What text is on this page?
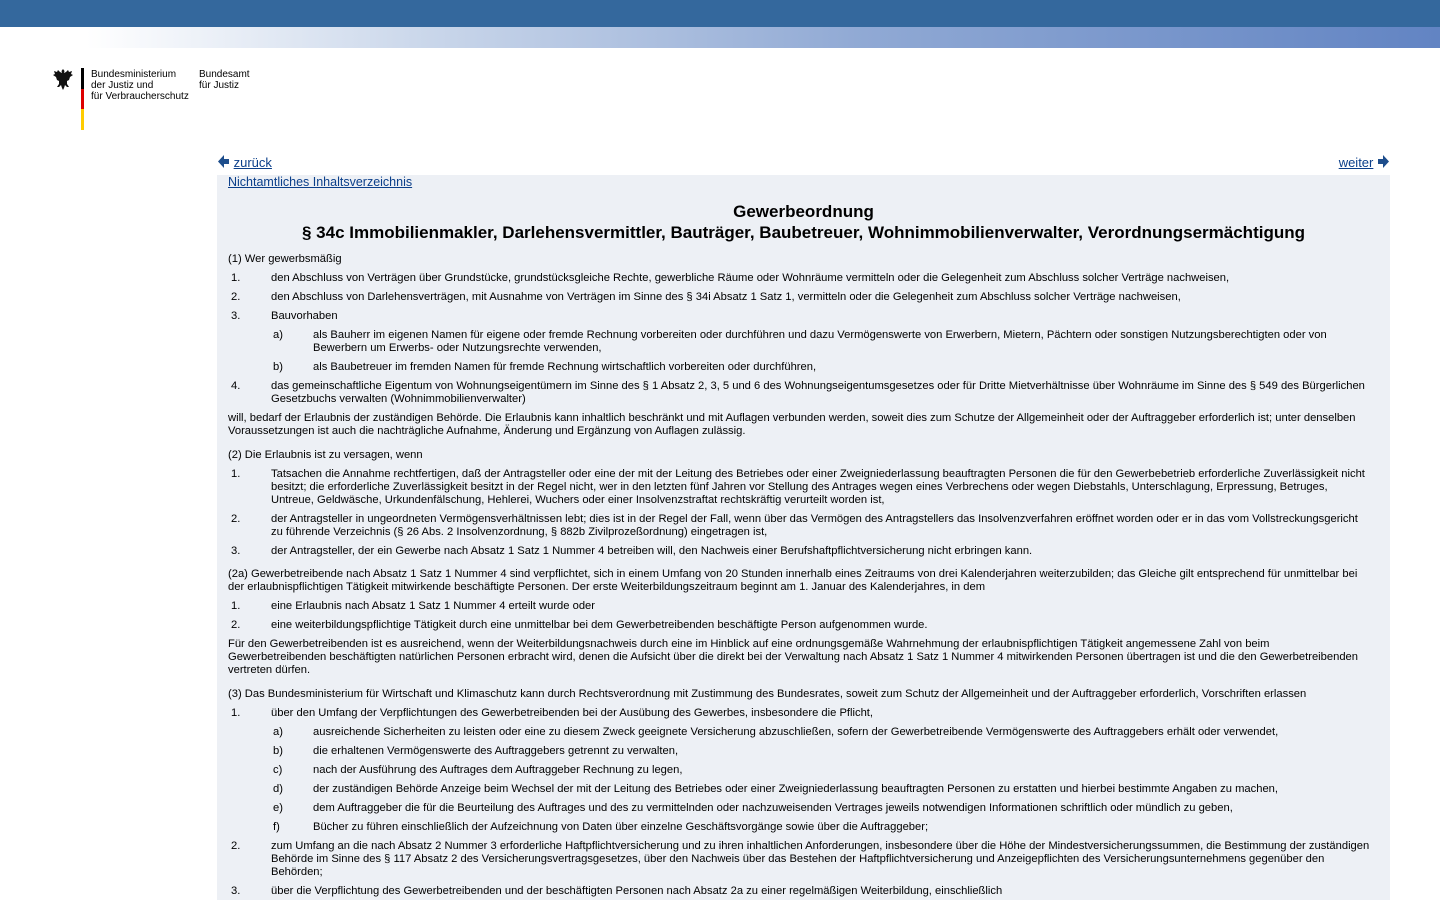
Bundesministerium
der Justiz und
für Verbraucherschutz
Bundesamt
für Justiz
zurück	weiter
Nichtamtliches Inhaltsverzeichnis
Gewerbeordnung
§ 34c Immobilienmakler, Darlehensvermittler, Bauträger, Baubetreuer, Wohnimmobilienverwalter, Verordnungsermächtigung
(1) Wer gewerbsmäßig
1.	den Abschluss von Verträgen über Grundstücke, grundstücksgleiche Rechte, gewerbliche Räume oder Wohnräume vermitteln oder die Gelegenheit zum Abschluss solcher Verträge nachweisen,
2.	den Abschluss von Darlehensverträgen, mit Ausnahme von Verträgen im Sinne des § 34i Absatz 1 Satz 1, vermitteln oder die Gelegenheit zum Abschluss solcher Verträge nachweisen,
3.	Bauvorhaben
a)	als Bauherr im eigenen Namen für eigene oder fremde Rechnung vorbereiten oder durchführen und dazu Vermögenswerte von Erwerbern, Mietern, Pächtern oder sonstigen Nutzungsberechtigten oder von Bewerbern um Erwerbs- oder Nutzungsrechte verwenden,
b)	als Baubetreuer im fremden Namen für fremde Rechnung wirtschaftlich vorbereiten oder durchführen,
4.	das gemeinschaftliche Eigentum von Wohnungseigentümern im Sinne des § 1 Absatz 2, 3, 5 und 6 des Wohnungseigentumsgesetzes oder für Dritte Mietverhältnisse über Wohnräume im Sinne des § 549 des Bürgerlichen Gesetzbuchs verwalten (Wohnimmobilienverwalter)
will, bedarf der Erlaubnis der zuständigen Behörde. Die Erlaubnis kann inhaltlich beschränkt und mit Auflagen verbunden werden, soweit dies zum Schutze der Allgemeinheit oder der Auftraggeber erforderlich ist; unter denselben Voraussetzungen ist auch die nachträgliche Aufnahme, Änderung und Ergänzung von Auflagen zulässig.
(2) Die Erlaubnis ist zu versagen, wenn
1.	Tatsachen die Annahme rechtfertigen, daß der Antragsteller oder eine der mit der Leitung des Betriebes oder einer Zweigniederlassung beauftragten Personen die für den Gewerbebetrieb erforderliche Zuverlässigkeit nicht besitzt; die erforderliche Zuverlässigkeit besitzt in der Regel nicht, wer in den letzten fünf Jahren vor Stellung des Antrages wegen eines Verbrechens oder wegen Diebstahls, Unterschlagung, Erpressung, Betruges, Untreue, Geldwäsche, Urkundenfälschung, Hehlerei, Wuchers oder einer Insolvenzstraftat rechtskräftig verurteilt worden ist,
2.	der Antragsteller in ungeordneten Vermögensverhältnissen lebt; dies ist in der Regel der Fall, wenn über das Vermögen des Antragstellers das Insolvenzverfahren eröffnet worden oder er in das vom Vollstreckungsgericht zu führende Verzeichnis (§ 26 Abs. 2 Insolvenzordnung, § 882b Zivilprozeßordnung) eingetragen ist,
3.	der Antragsteller, der ein Gewerbe nach Absatz 1 Satz 1 Nummer 4 betreiben will, den Nachweis einer Berufshaftpflichtversicherung nicht erbringen kann.
(2a) Gewerbetreibende nach Absatz 1 Satz 1 Nummer 4 sind verpflichtet, sich in einem Umfang von 20 Stunden innerhalb eines Zeitraums von drei Kalenderjahren weiterzubilden; das Gleiche gilt entsprechend für unmittelbar bei der erlaubnispflichtigen Tätigkeit mitwirkende beschäftigte Personen. Der erste Weiterbildungszeitraum beginnt am 1. Januar des Kalenderjahres, in dem
1.	eine Erlaubnis nach Absatz 1 Satz 1 Nummer 4 erteilt wurde oder
2.	eine weiterbildungspflichtige Tätigkeit durch eine unmittelbar bei dem Gewerbetreibenden beschäftigte Person aufgenommen wurde.
Für den Gewerbetreibenden ist es ausreichend, wenn der Weiterbildungsnachweis durch eine im Hinblick auf eine ordnungsgemäße Wahrnehmung der erlaubnispflichtigen Tätigkeit angemessene Zahl von beim Gewerbetreibenden beschäftigten natürlichen Personen erbracht wird, denen die Aufsicht über die direkt bei der Verwaltung nach Absatz 1 Satz 1 Nummer 4 mitwirkenden Personen übertragen ist und die den Gewerbetreibenden vertreten dürfen.
(3) Das Bundesministerium für Wirtschaft und Klimaschutz kann durch Rechtsverordnung mit Zustimmung des Bundesrates, soweit zum Schutz der Allgemeinheit und der Auftraggeber erforderlich, Vorschriften erlassen
1.	über den Umfang der Verpflichtungen des Gewerbetreibenden bei der Ausübung des Gewerbes, insbesondere die Pflicht,
a)	ausreichende Sicherheiten zu leisten oder eine zu diesem Zweck geeignete Versicherung abzuschließen, sofern der Gewerbetreibende Vermögenswerte des Auftraggebers erhält oder verwendet,
b)	die erhaltenen Vermögenswerte des Auftraggebers getrennt zu verwalten,
c)	nach der Ausführung des Auftrages dem Auftraggeber Rechnung zu legen,
d)	der zuständigen Behörde Anzeige beim Wechsel der mit der Leitung des Betriebes oder einer Zweigniederlassung beauftragten Personen zu erstatten und hierbei bestimmte Angaben zu machen,
e)	dem Auftraggeber die für die Beurteilung des Auftrages und des zu vermittelnden oder nachzuweisenden Vertrages jeweils notwendigen Informationen schriftlich oder mündlich zu geben,
f)	Bücher zu führen einschließlich der Aufzeichnung von Daten über einzelne Geschäftsvorgänge sowie über die Auftraggeber;
2.	zum Umfang an die nach Absatz 2 Nummer 3 erforderliche Haftpflichtversicherung und zu ihren inhaltlichen Anforderungen, insbesondere über die Höhe der Mindestversicherungssummen, die Bestimmung der zuständigen Behörde im Sinne des § 117 Absatz 2 des Versicherungsvertragsgesetzes, über den Nachweis über das Bestehen der Haftpflichtversicherung und Anzeigepflichten des Versicherungsunternehmens gegenüber den Behörden;
3.	über die Verpflichtung des Gewerbetreibenden und der beschäftigten Personen nach Absatz 2a zu einer regelmäßigen Weiterbildung, einschließlich
